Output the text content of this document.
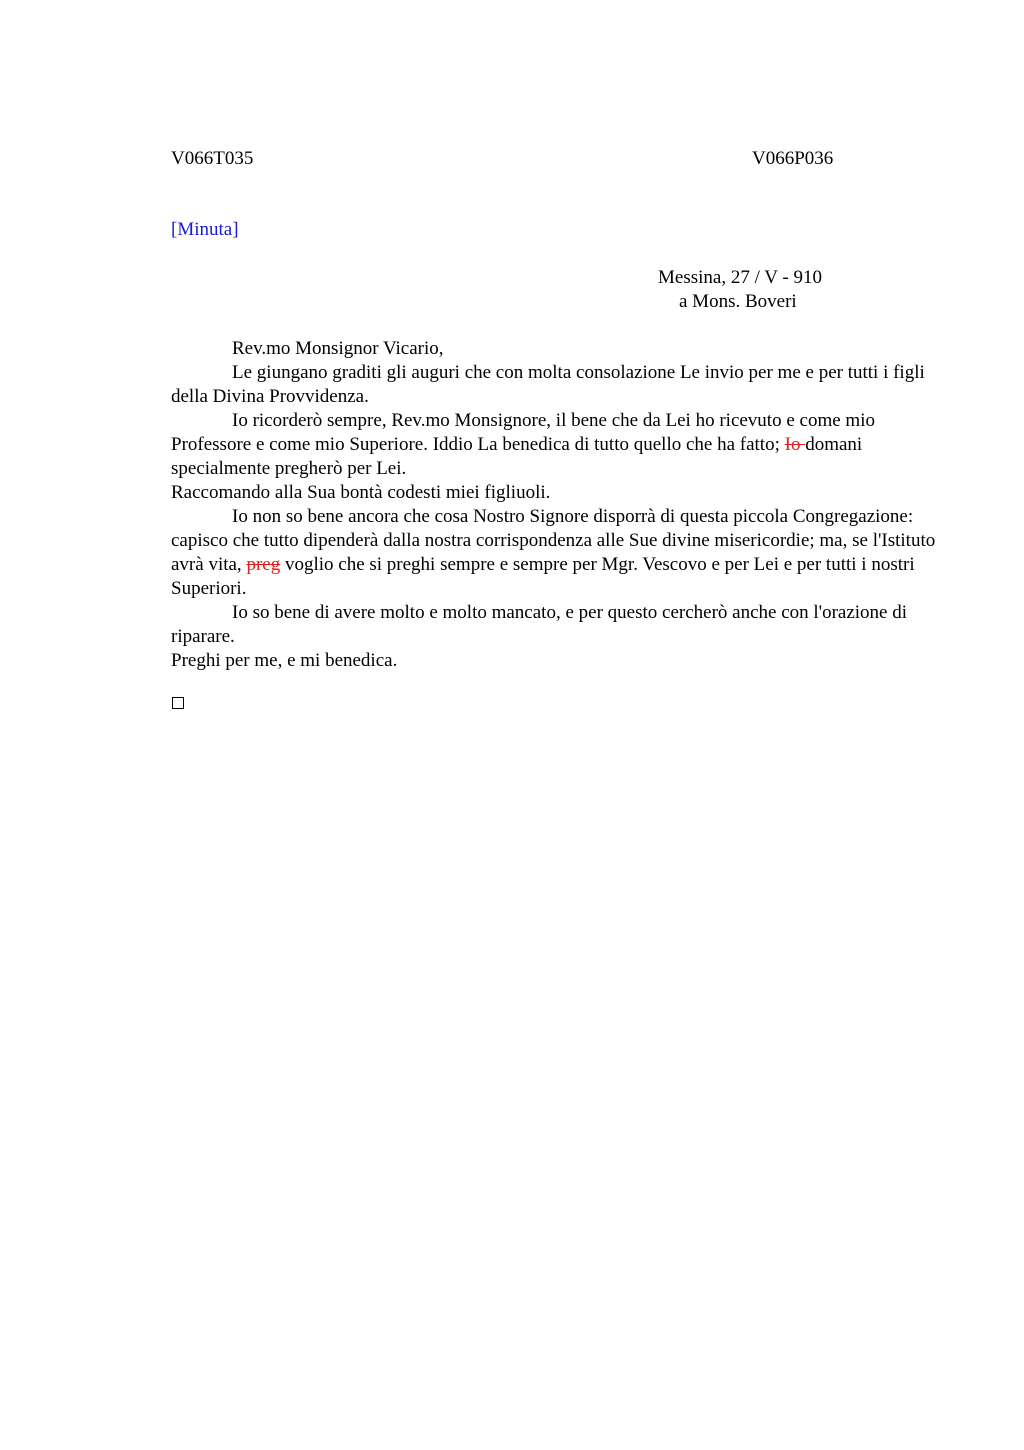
V066T035	V066P036
[Minuta]
Messina, 27 / V - 910
a Mons. Boveri

Rev.mo Monsignor Vicario,

Le giungano graditi gli auguri che con molta consolazione Le invio per me e per tutti i figli della Divina Provvidenza.

Io ricorderò sempre, Rev.mo Monsignore, il bene che da Lei ho ricevuto e come mio Professore e come mio Superiore. Iddio La benedica di tutto quello che ha fatto; Io domani specialmente pregherò per Lei.

Raccomando alla Sua bontà codesti miei figliuoli.

Io non so bene ancora che cosa Nostro Signore disporrà di questa piccola Congregazione: capisco che tutto dipenderà dalla nostra corrispondenza alle Sue divine misericordie; ma, se l'Istituto avrà vita, preg voglio che si preghi sempre e sempre per Mgr. Vescovo e per Lei e per tutti i nostri Superiori.

Io so bene di avere molto e molto mancato, e per questo cercherò anche con l'orazione di riparare.

Preghi per me, e mi benedica.
